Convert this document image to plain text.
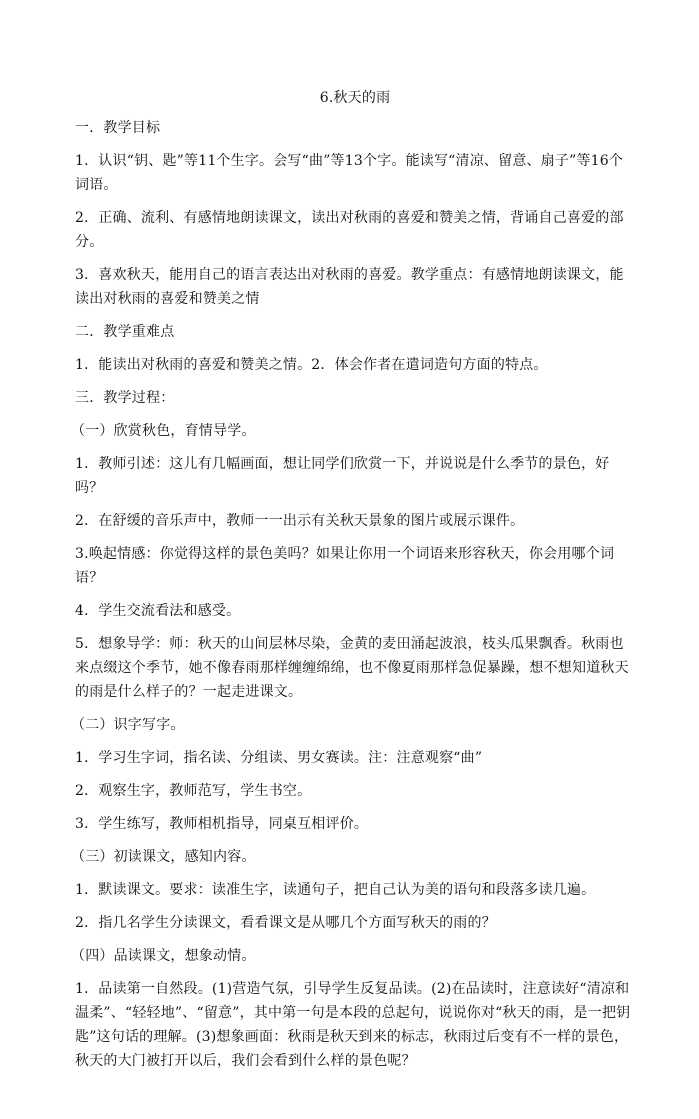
6.秋天的雨

一．教学目标

1．认识“钥、匙”等11个生字。会写“曲”等13个字。能读写“清凉、留意、扇子”等16个词语。

2．正确、流利、有感情地朗读课文，读出对秋雨的喜爱和赞美之情，背诵自己喜爱的部分。

3．喜欢秋天，能用自己的语言表达出对秋雨的喜爱。教学重点：有感情地朗读课文，能读出对秋雨的喜爱和赞美之情

二．教学重难点

1．能读出对秋雨的喜爱和赞美之情。2．体会作者在遣词造句方面的特点。

三．教学过程：

（一）欣赏秋色，育情导学。

1．教师引述：这儿有几幅画面，想让同学们欣赏一下，并说说是什么季节的景色，好吗？

2．在舒缓的音乐声中，教师一一出示有关秋天景象的图片或展示课件。

3.唤起情感：你觉得这样的景色美吗？如果让你用一个词语来形容秋天，你会用哪个词语？

4．学生交流看法和感受。

5．想象导学：师：秋天的山间层林尽染，金黄的麦田涌起波浪，枝头瓜果飘香。秋雨也来点缀这个季节，她不像春雨那样缠缠绵绵，也不像夏雨那样急促暴躁，想不想知道秋天的雨是什么样子的？一起走进课文。

（二）识字写字。

1．学习生字词，指名读、分组读、男女赛读。注：注意观察“曲”

2．观察生字，教师范写，学生书空。

3．学生练写，教师相机指导，同桌互相评价。

（三）初读课文，感知内容。

1．默读课文。要求：读准生字，读通句子，把自己认为美的语句和段落多读几遍。

2．指几名学生分读课文，看看课文是从哪几个方面写秋天的雨的？

（四）品读课文，想象动情。

1．品读第一自然段。(1)营造气氛，引导学生反复品读。(2)在品读时，注意读好“清凉和温柔”、“轻轻地”、“留意”，其中第一句是本段的总起句，说说你对“秋天的雨，是一把钥匙”这句话的理解。(3)想象画面：秋雨是秋天到来的标志，秋雨过后变有不一样的景色，秋天的大门被打开以后，我们会看到什么样的景色呢？
